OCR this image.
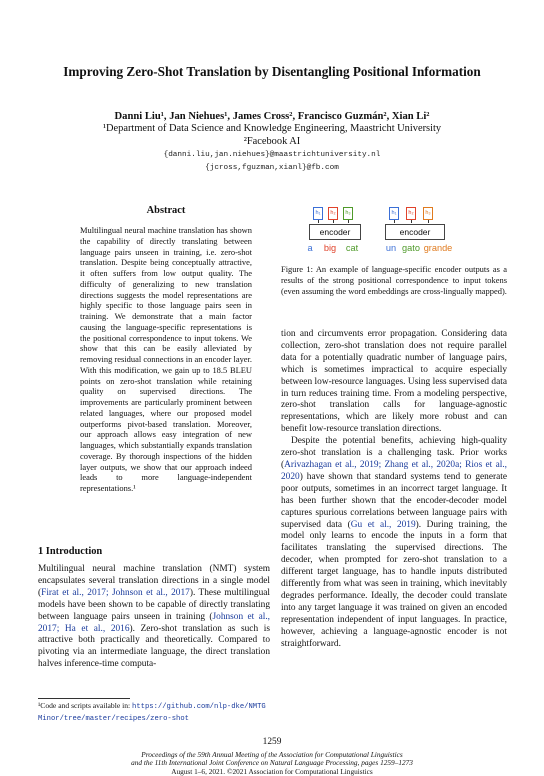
Improving Zero-Shot Translation by Disentangling Positional Information
Danni Liu¹, Jan Niehues¹, James Cross², Francisco Guzmán², Xian Li²
¹Department of Data Science and Knowledge Engineering, Maastricht University
²Facebook AI
{danni.liu,jan.niehues}@maastrichtuniversity.nl
{jcross,fguzman,xianl}@fb.com
Abstract
Multilingual neural machine translation has shown the capability of directly translating between language pairs unseen in training, i.e. zero-shot translation. Despite being conceptually attractive, it often suffers from low output quality. The difficulty of generalizing to new translation directions suggests the model representations are highly specific to those language pairs seen in training. We demonstrate that a main factor causing the language-specific representations is the positional correspondence to input tokens. We show that this can be easily alleviated by removing residual connections in an encoder layer. With this modification, we gain up to 18.5 BLEU points on zero-shot translation while retaining quality on supervised directions. The improvements are particularly prominent between related languages, where our proposed model outperforms pivot-based translation. Moreover, our approach allows easy integration of new languages, which substantially expands translation coverage. By thorough inspections of the hidden layer outputs, we show that our approach indeed leads to more language-independent representations.¹
1 Introduction
Multilingual neural machine translation (NMT) system encapsulates several translation directions in a single model (Firat et al., 2017; Johnson et al., 2017). These multilingual models have been shown to be capable of directly translating between language pairs unseen in training (Johnson et al., 2017; Ha et al., 2016). Zero-shot translation as such is attractive both practically and theoretically. Compared to pivoting via an intermediate language, the direct translation halves inference-time computa-
¹Code and scripts available in: https://github.com/nlp-dke/NMTGMinor/tree/master/recipes/zero-shot
h₁	h₂	h₃
encoder
a	big	cat
h₁	h₂	h₃
encoder
un gato grande
Figure 1: An example of language-specific encoder outputs as a results of the strong positional correspondence to input tokens (even assuming the word embeddings are cross-lingually mapped).
tion and circumvents error propagation. Considering data collection, zero-shot translation does not require parallel data for a potentially quadratic number of language pairs, which is sometimes impractical to acquire especially between low-resource languages. Using less supervised data in turn reduces training time. From a modeling perspective, zero-shot translation calls for language-agnostic representations, which are likely more robust and can benefit low-resource translation directions.
Despite the potential benefits, achieving high-quality zero-shot translation is a challenging task. Prior works (Arivazhagan et al., 2019; Zhang et al., 2020a; Rios et al., 2020) have shown that standard systems tend to generate poor outputs, sometimes in an incorrect target language. It has been further shown that the encoder-decoder model captures spurious correlations between language pairs with supervised data (Gu et al., 2019). During training, the model only learns to encode the inputs in a form that facilitates translating the supervised directions. The decoder, when prompted for zero-shot translation to a different target language, has to handle inputs distributed differently from what was seen in training, which inevitably degrades performance. Ideally, the decoder could translate into any target language it was trained on given an encoded representation independent of input languages. In practice, however, achieving a language-agnostic encoder is not straightforward.
1259
Proceedings of the 59th Annual Meeting of the Association for Computational Linguistics
and the 11th International Joint Conference on Natural Language Processing, pages 1259–1273
August 1–6, 2021. ©2021 Association for Computational Linguistics
